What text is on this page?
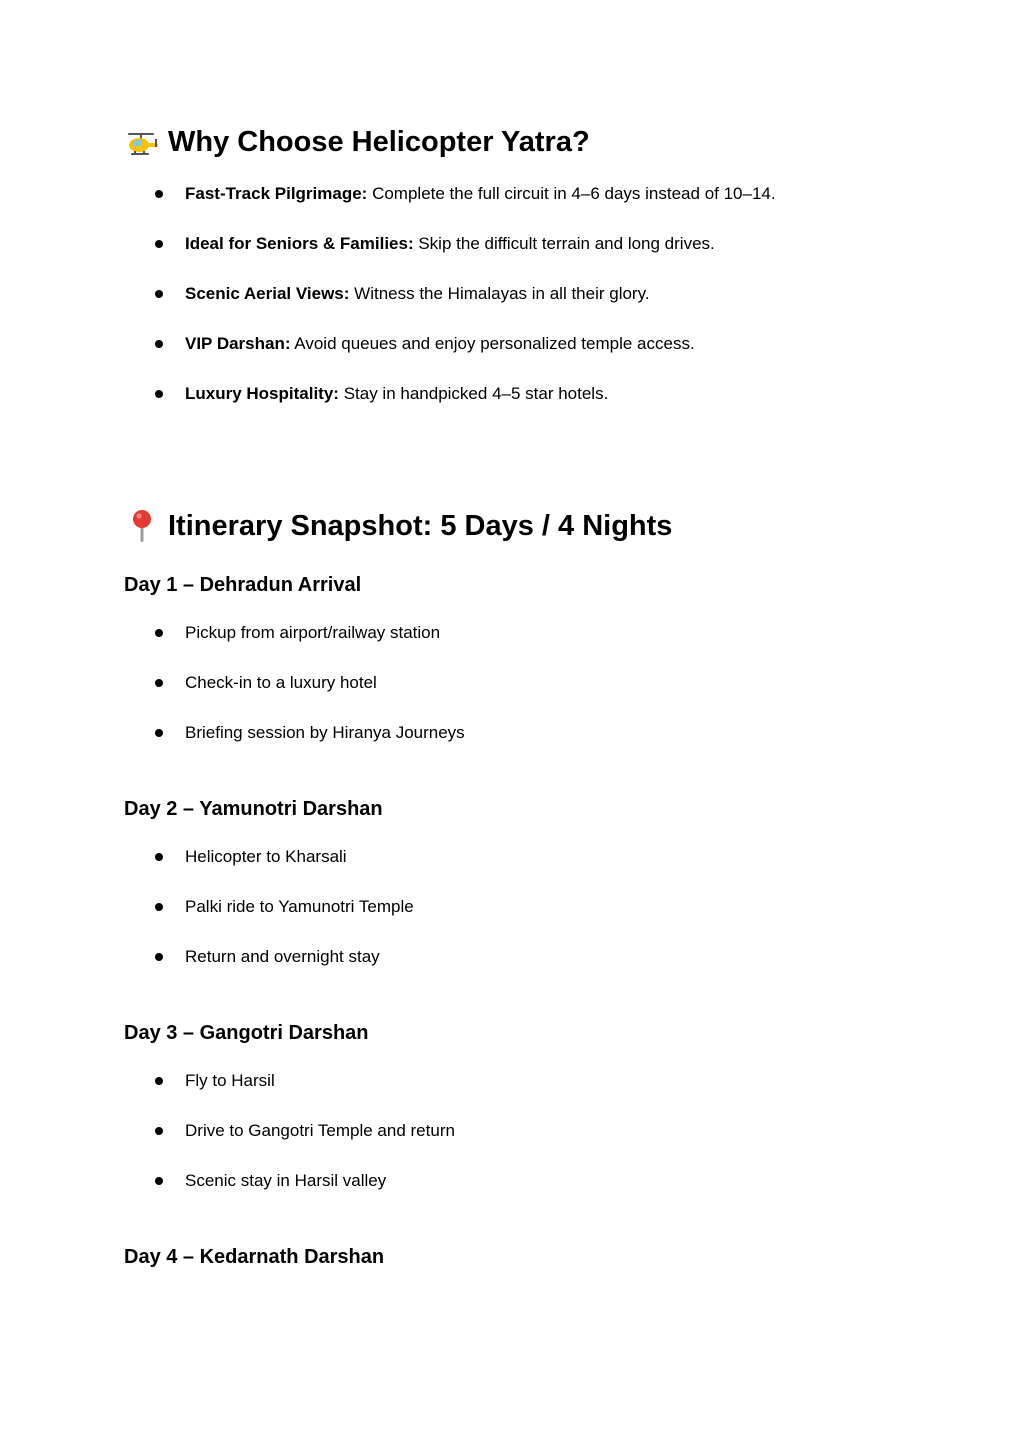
Why Choose Helicopter Yatra?
Fast-Track Pilgrimage: Complete the full circuit in 4–6 days instead of 10–14.
Ideal for Seniors & Families: Skip the difficult terrain and long drives.
Scenic Aerial Views: Witness the Himalayas in all their glory.
VIP Darshan: Avoid queues and enjoy personalized temple access.
Luxury Hospitality: Stay in handpicked 4–5 star hotels.
Itinerary Snapshot: 5 Days / 4 Nights
Day 1 – Dehradun Arrival
Pickup from airport/railway station
Check-in to a luxury hotel
Briefing session by Hiranya Journeys
Day 2 – Yamunotri Darshan
Helicopter to Kharsali
Palki ride to Yamunotri Temple
Return and overnight stay
Day 3 – Gangotri Darshan
Fly to Harsil
Drive to Gangotri Temple and return
Scenic stay in Harsil valley
Day 4 – Kedarnath Darshan
